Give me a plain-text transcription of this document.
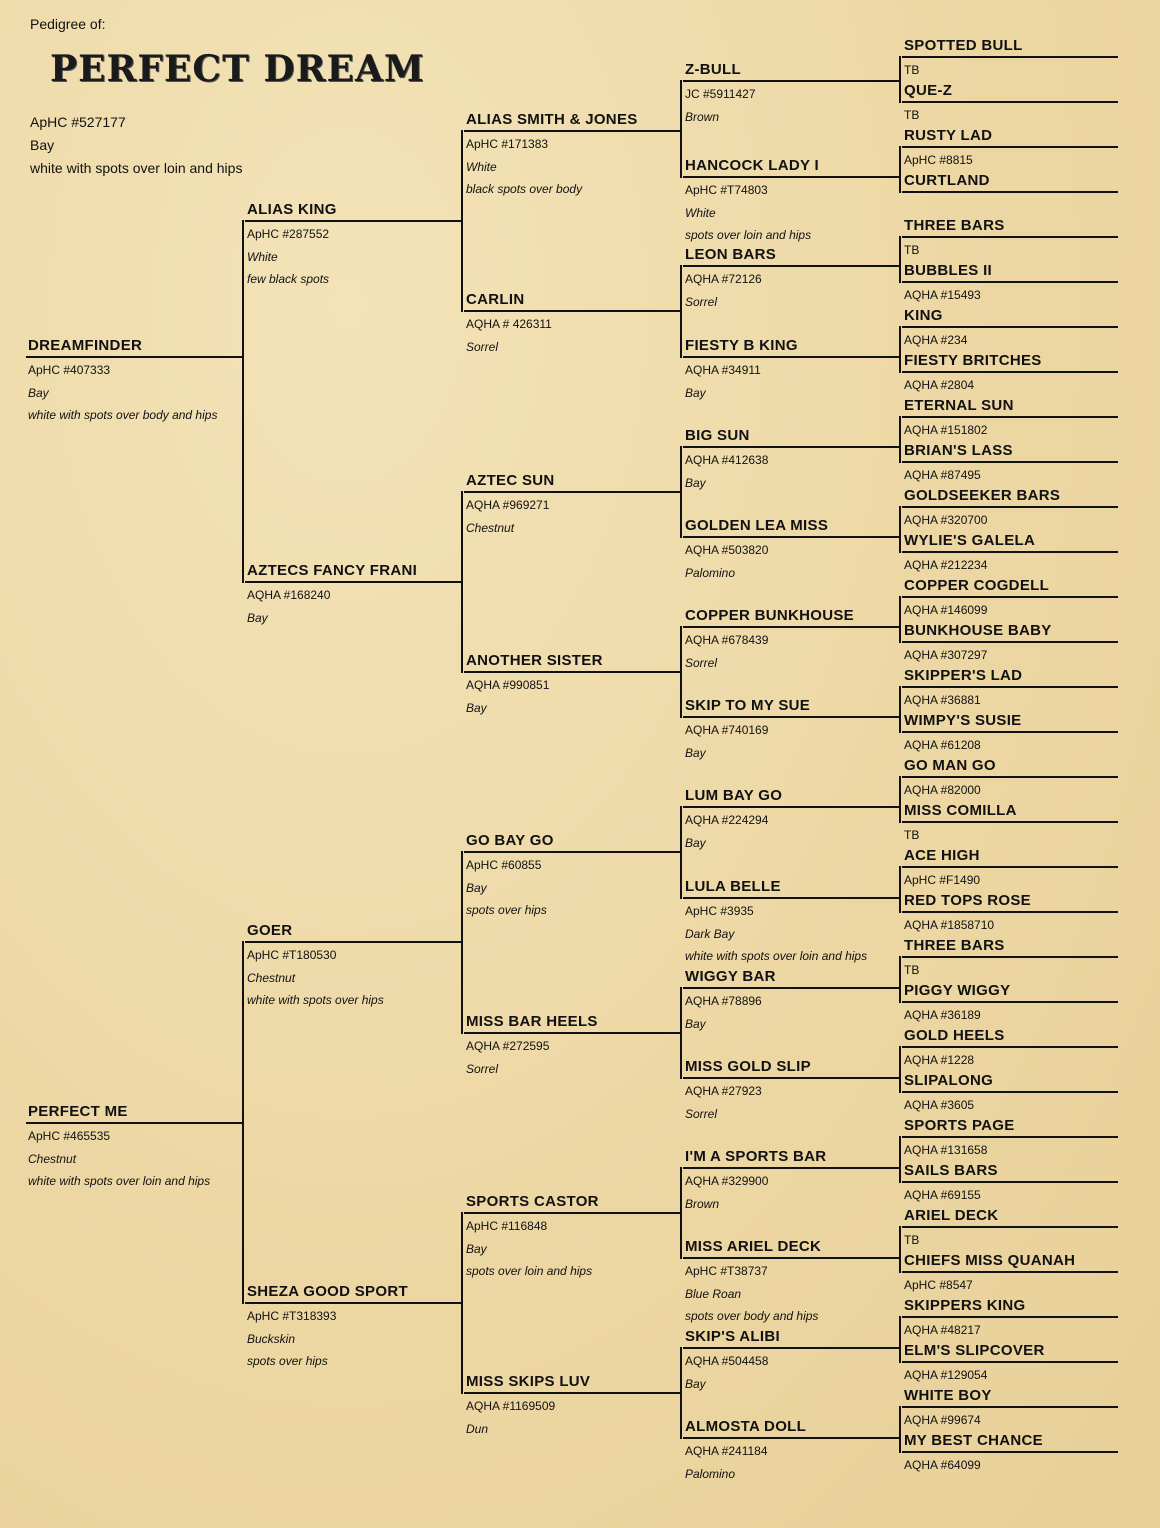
Pedigree of:
PERFECT DREAM
ApHC #527177
Bay
white with spots over loin and hips
DREAMFINDER
ApHC #407333
Bay
white with spots over body and hips
PERFECT ME
ApHC #465535
Chestnut
white with spots over loin and hips
ALIAS KING
ApHC #287552
White
few black spots
AZTECS FANCY FRANI
AQHA #168240
Bay
GOER
ApHC #T180530
Chestnut
white with spots over hips
SHEZA GOOD SPORT
ApHC #T318393
Buckskin
spots over hips
ALIAS SMITH & JONES
ApHC #171383
White
black spots over body
CARLIN
AQHA # 426311
Sorrel
AZTEC SUN
AQHA #969271
Chestnut
ANOTHER SISTER
AQHA #990851
Bay
GO BAY GO
ApHC #60855
Bay
spots over hips
MISS BAR HEELS
AQHA #272595
Sorrel
SPORTS CASTOR
ApHC #116848
Bay
spots over loin and hips
MISS SKIPS LUV
AQHA #1169509
Dun
Z-BULL
JC #5911427
Brown
HANCOCK LADY I
ApHC #T74803
White
spots over loin and hips
LEON BARS
AQHA #72126
Sorrel
FIESTY B KING
AQHA #34911
Bay
BIG SUN
AQHA #412638
Bay
GOLDEN LEA MISS
AQHA #503820
Palomino
COPPER BUNKHOUSE
AQHA #678439
Sorrel
SKIP TO MY SUE
AQHA #740169
Bay
LUM BAY GO
AQHA #224294
Bay
LULA BELLE
ApHC #3935
Dark Bay
white with spots over loin and hips
WIGGY BAR
AQHA #78896
Bay
MISS GOLD SLIP
AQHA #27923
Sorrel
I'M A SPORTS BAR
AQHA #329900
Brown
MISS ARIEL DECK
ApHC #T38737
Blue Roan
spots over body and hips
SKIP'S ALIBI
AQHA #504458
Bay
ALMOSTA DOLL
AQHA #241184
Palomino
SPOTTED BULL
TB
QUE-Z
TB
RUSTY LAD
ApHC #8815
CURTLAND
THREE BARS
TB
BUBBLES II
AQHA #15493
KING
AQHA #234
FIESTY BRITCHES
AQHA #2804
ETERNAL SUN
AQHA #151802
BRIAN'S LASS
AQHA #87495
GOLDSEEKER BARS
AQHA #320700
WYLIE'S GALELA
AQHA #212234
COPPER COGDELL
AQHA #146099
BUNKHOUSE BABY
AQHA #307297
SKIPPER'S LAD
AQHA #36881
WIMPY'S SUSIE
AQHA #61208
GO MAN GO
AQHA #82000
MISS COMILLA
TB
ACE HIGH
ApHC #F1490
RED TOPS ROSE
AQHA #1858710
THREE BARS
TB
PIGGY WIGGY
AQHA #36189
GOLD HEELS
AQHA #1228
SLIPALONG
AQHA #3605
SPORTS PAGE
AQHA #131658
SAILS BARS
AQHA #69155
ARIEL DECK
TB
CHIEFS MISS QUANAH
ApHC #8547
SKIPPERS KING
AQHA #48217
ELM'S SLIPCOVER
AQHA #129054
WHITE BOY
AQHA #99674
MY BEST CHANCE
AQHA #64099
